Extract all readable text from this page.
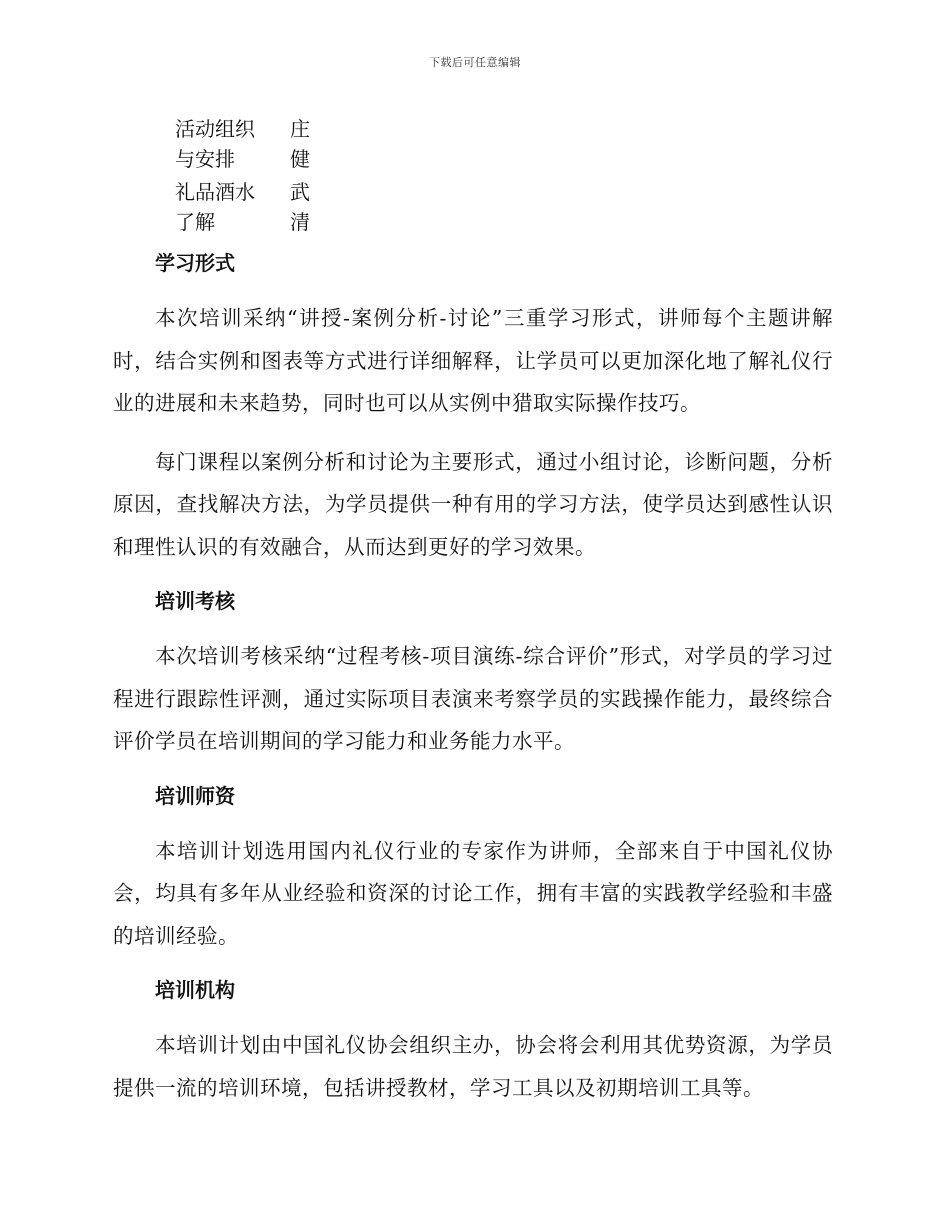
下载后可任意编辑
活动组织
与安排
庄
健
礼品酒水
了解
武
清
学习形式

本次培训采纳“讲授-案例分析-讨论”三重学习形式，讲师每个主题讲解时，结合实例和图表等方式进行详细解释，让学员可以更加深化地了解礼仪行业的进展和未来趋势，同时也可以从实例中猎取实际操作技巧。

每门课程以案例分析和讨论为主要形式，通过小组讨论，诊断问题，分析原因，查找解决方法，为学员提供一种有用的学习方法，使学员达到感性认识和理性认识的有效融合，从而达到更好的学习效果。

培训考核

本次培训考核采纳“过程考核-项目演练-综合评价”形式，对学员的学习过程进行跟踪性评测，通过实际项目表演来考察学员的实践操作能力，最终综合评价学员在培训期间的学习能力和业务能力水平。

培训师资

本培训计划选用国内礼仪行业的专家作为讲师，全部来自于中国礼仪协会，均具有多年从业经验和资深的讨论工作，拥有丰富的实践教学经验和丰盛的培训经验。

培训机构

本培训计划由中国礼仪协会组织主办，协会将会利用其优势资源，为学员提供一流的培训环境，包括讲授教材，学习工具以及初期培训工具等。
